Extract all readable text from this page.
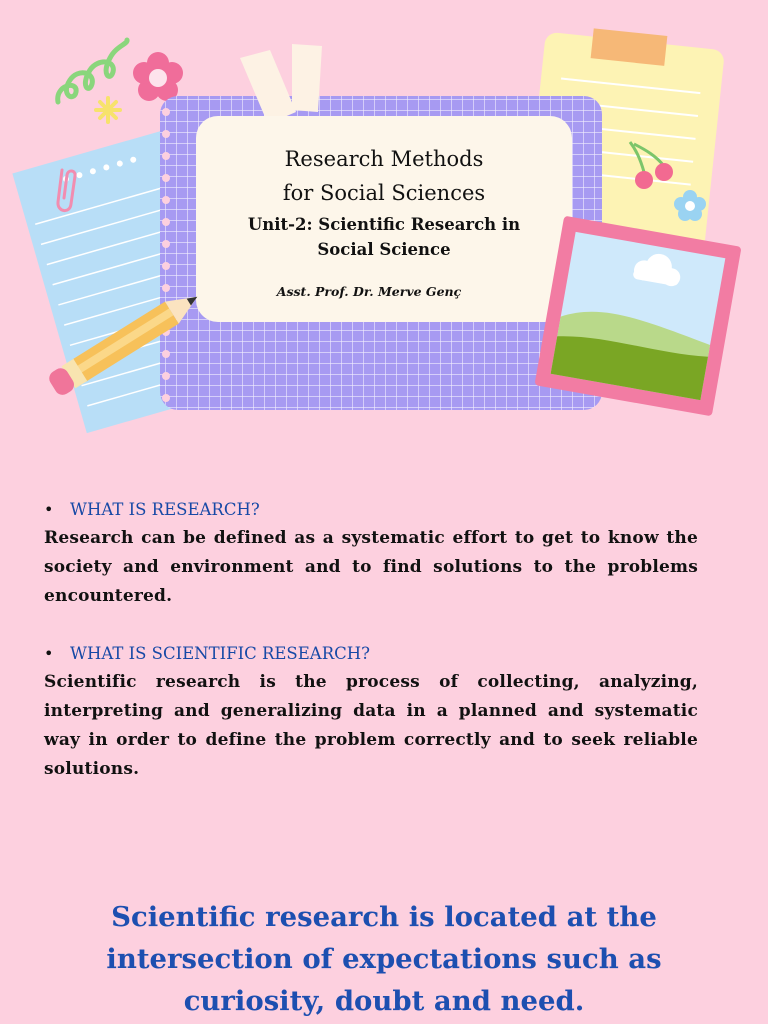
Research Methods
for Social Sciences
Unit-2: Scientific Research in
Social Science
Asst. Prof. Dr. Merve Genç
•	WHAT IS RESEARCH?

Research can be defined as a systematic effort to get to know the society and environment and to find solutions to the problems encountered.

•	WHAT IS SCIENTIFIC RESEARCH?

Scientific research is the process of collecting, analyzing, interpreting and generalizing data in a planned and systematic way in order to define the problem correctly and to seek reliable solutions.

Scientific research is located at the intersection of expectations such as curiosity, doubt and need.
